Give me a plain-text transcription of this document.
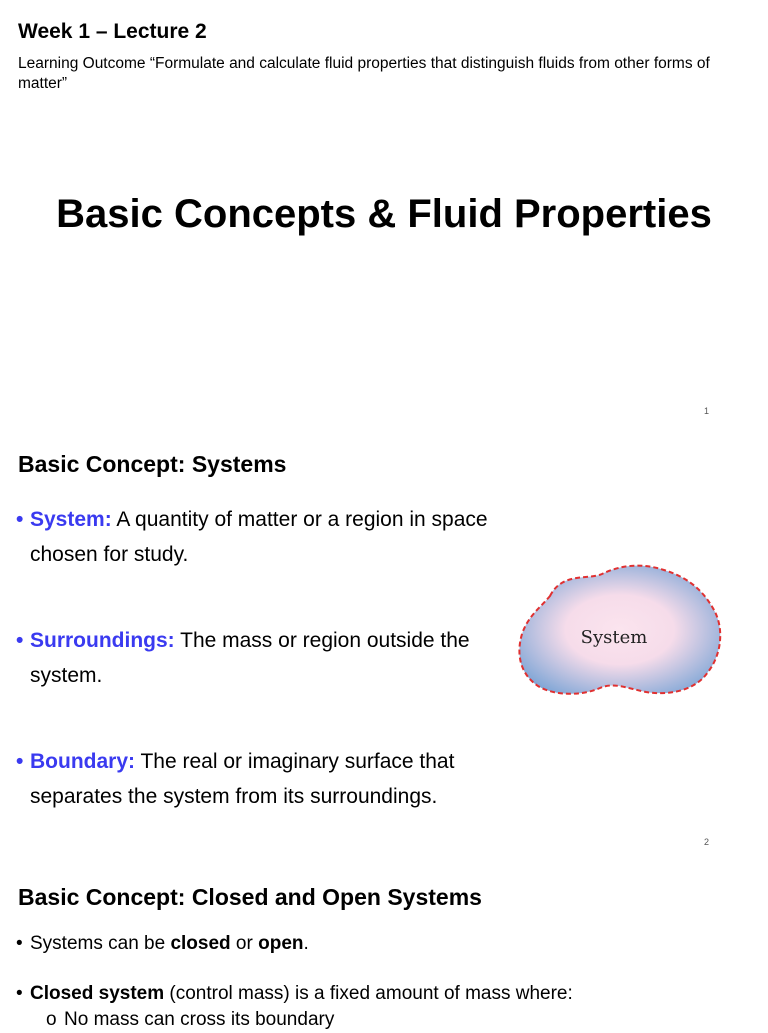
Week 1 – Lecture 2
Learning Outcome “Formulate and calculate fluid properties that distinguish fluids from other forms of matter”
Basic Concepts & Fluid Properties
1
Basic Concept: Systems
• System: A quantity of matter or a region in space chosen for study.
• Surroundings: The mass or region outside the system.
• Boundary: The real or imaginary surface that separates the system from its surroundings.
System
2
Basic Concept: Closed and Open Systems
• Systems can be closed or open.
• Closed system (control mass) is a fixed amount of mass where:
o No mass can cross its boundary
